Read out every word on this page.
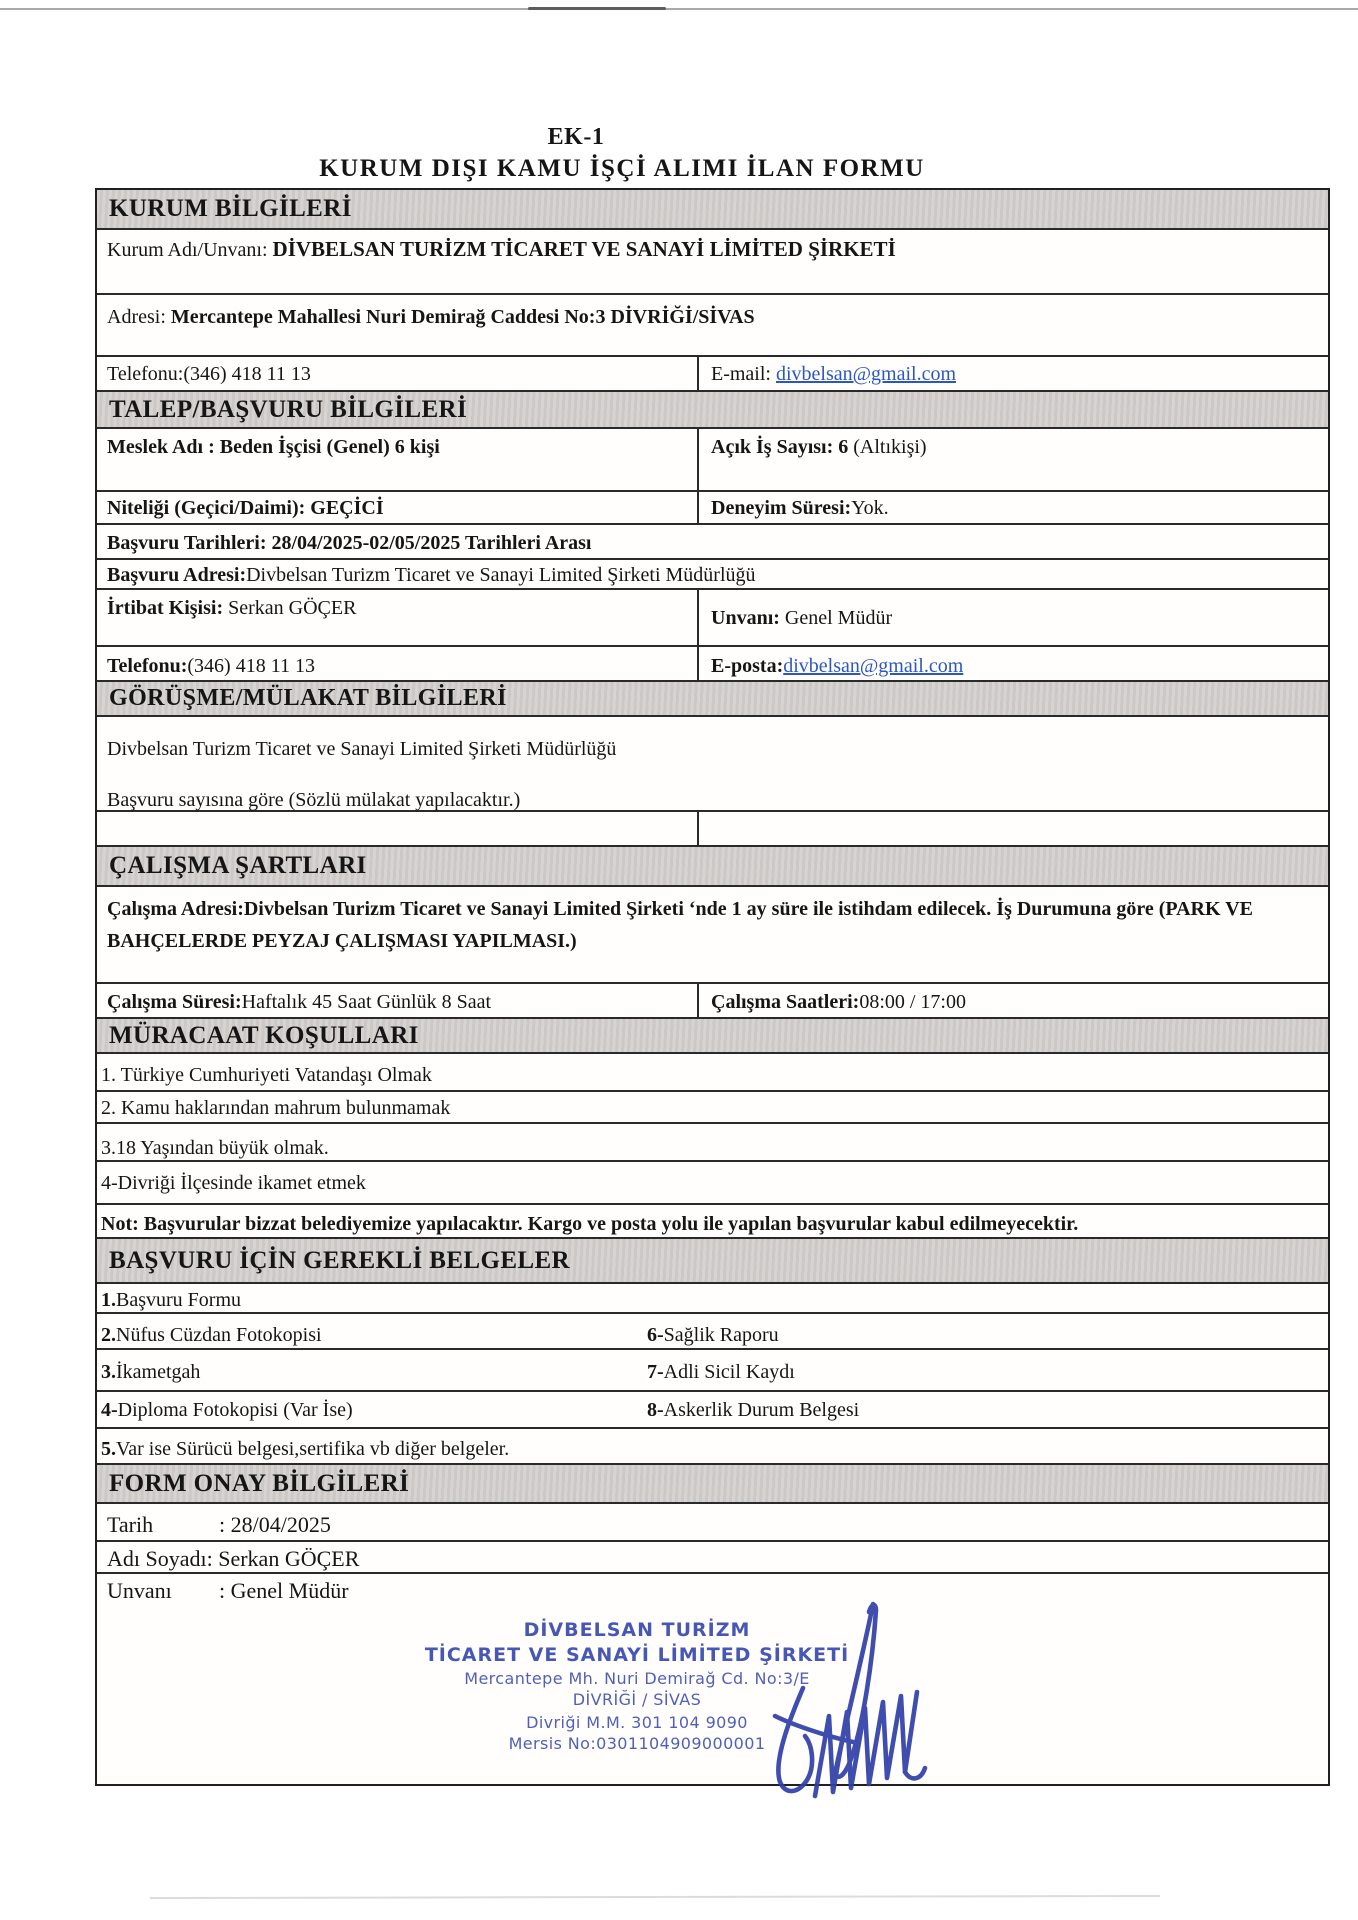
EK-1
KURUM DIŞI KAMU İŞÇİ ALIMI İLAN FORMU
KURUM BİLGİLERİ
Kurum Adı/Unvanı: DİVBELSAN TURİZM TİCARET VE SANAYİ LİMİTED ŞİRKETİ
Adresi: Mercantepe Mahallesi Nuri Demirağ Caddesi No:3 DİVRİĞİ/SİVAS
Telefonu:(346) 418 11 13	E-mail: divbelsan@gmail.com
TALEP/BAŞVURU BİLGİLERİ
Meslek Adı : Beden İşçisi (Genel) 6 kişi	Açık İş Sayısı: 6 (Altıkişi)
Niteliği (Geçici/Daimi): GEÇİCİ	Deneyim Süresi:Yok.
Başvuru Tarihleri: 28/04/2025-02/05/2025 Tarihleri Arası
Başvuru Adresi:Divbelsan Turizm Ticaret ve Sanayi Limited Şirketi Müdürlüğü
İrtibat Kişisi: Serkan GÖÇER	Unvanı: Genel Müdür
Telefonu:(346) 418 11 13	E-posta:divbelsan@gmail.com
GÖRÜŞME/MÜLAKAT BİLGİLERİ
Divbelsan Turizm Ticaret ve Sanayi Limited Şirketi Müdürlüğü
Başvuru sayısına göre (Sözlü mülakat yapılacaktır.)
ÇALIŞMA ŞARTLARI
Çalışma Adresi:Divbelsan Turizm Ticaret ve Sanayi Limited Şirketi ‘nde 1 ay süre ile istihdam edilecek. İş Durumuna göre (PARK VE BAHÇELERDE PEYZAJ ÇALIŞMASI YAPILMASI.)
Çalışma Süresi:Haftalık 45 Saat Günlük 8 Saat	Çalışma Saatleri:08:00 / 17:00
MÜRACAAT KOŞULLARI
1. Türkiye Cumhuriyeti Vatandaşı Olmak
2. Kamu haklarından mahrum bulunmamak
3.18 Yaşından büyük olmak.
4-Divriği İlçesinde ikamet etmek
Not: Başvurular bizzat belediyemize yapılacaktır. Kargo ve posta yolu ile yapılan başvurular kabul edilmeyecektir.
BAŞVURU İÇİN GEREKLİ BELGELER
1.Başvuru Formu
2.Nüfus Cüzdan Fotokopisi	6-Sağlik Raporu
3.İkametgah	7-Adli Sicil Kaydı
4-Diploma Fotokopisi (Var İse)	8-Askerlik Durum Belgesi
5.Var ise Sürücü belgesi,sertifika vb diğer belgeler.
FORM ONAY BİLGİLERİ
Tarih	: 28/04/2025
Adı Soyadı: Serkan GÖÇER
Unvanı : Genel Müdür
DİVBELSAN TURİZM
TİCARET VE SANAYİ LİMİTED ŞİRKETİ
Mercantepe Mh. Nuri Demirağ Cd. No:3/E
DİVRİĞİ / SİVAS
Divriği M.M. 301 104 9090
Mersis No:0301104909000001
